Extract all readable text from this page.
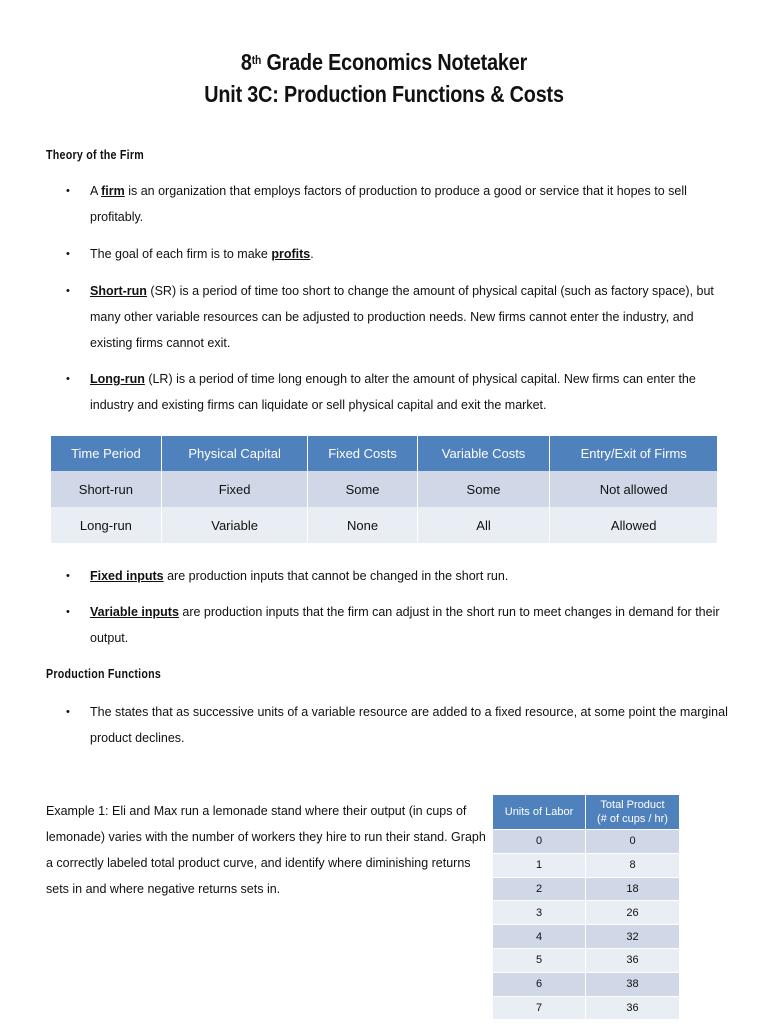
8th Grade Economics Notetaker
Unit 3C: Production Functions & Costs
Theory of the Firm
• A firm is an organization that employs factors of production to produce a good or service that it hopes to sell profitably.
• The goal of each firm is to make profits.
• Short-run (SR) is a period of time too short to change the amount of physical capital (such as factory space), but many other variable resources can be adjusted to production needs. New firms cannot enter the industry, and existing firms cannot exit.
• Long-run (LR) is a period of time long enough to alter the amount of physical capital. New firms can enter the industry and existing firms can liquidate or sell physical capital and exit the market.
Time Period	Physical Capital	Fixed Costs	Variable Costs	Entry/Exit of Firms
Short-run	Fixed	Some	Some	Not allowed
Long-run	Variable	None	All	Allowed
• Fixed inputs are production inputs that cannot be changed in the short run.
• Variable inputs are production inputs that the firm can adjust in the short run to meet changes in demand for their output.
Production Functions
• The states that as successive units of a variable resource are added to a fixed resource, at some point the marginal product declines.
Example 1: Eli and Max run a lemonade stand where their output (in cups of lemonade) varies with the number of workers they hire to run their stand. Graph a correctly labeled total product curve, and identify where diminishing returns sets in and where negative returns sets in.
Units of Labor	Total Product
(# of cups / hr)
0	0
1	8
2	18
3	26
4	32
5	36
6	38
7	36
